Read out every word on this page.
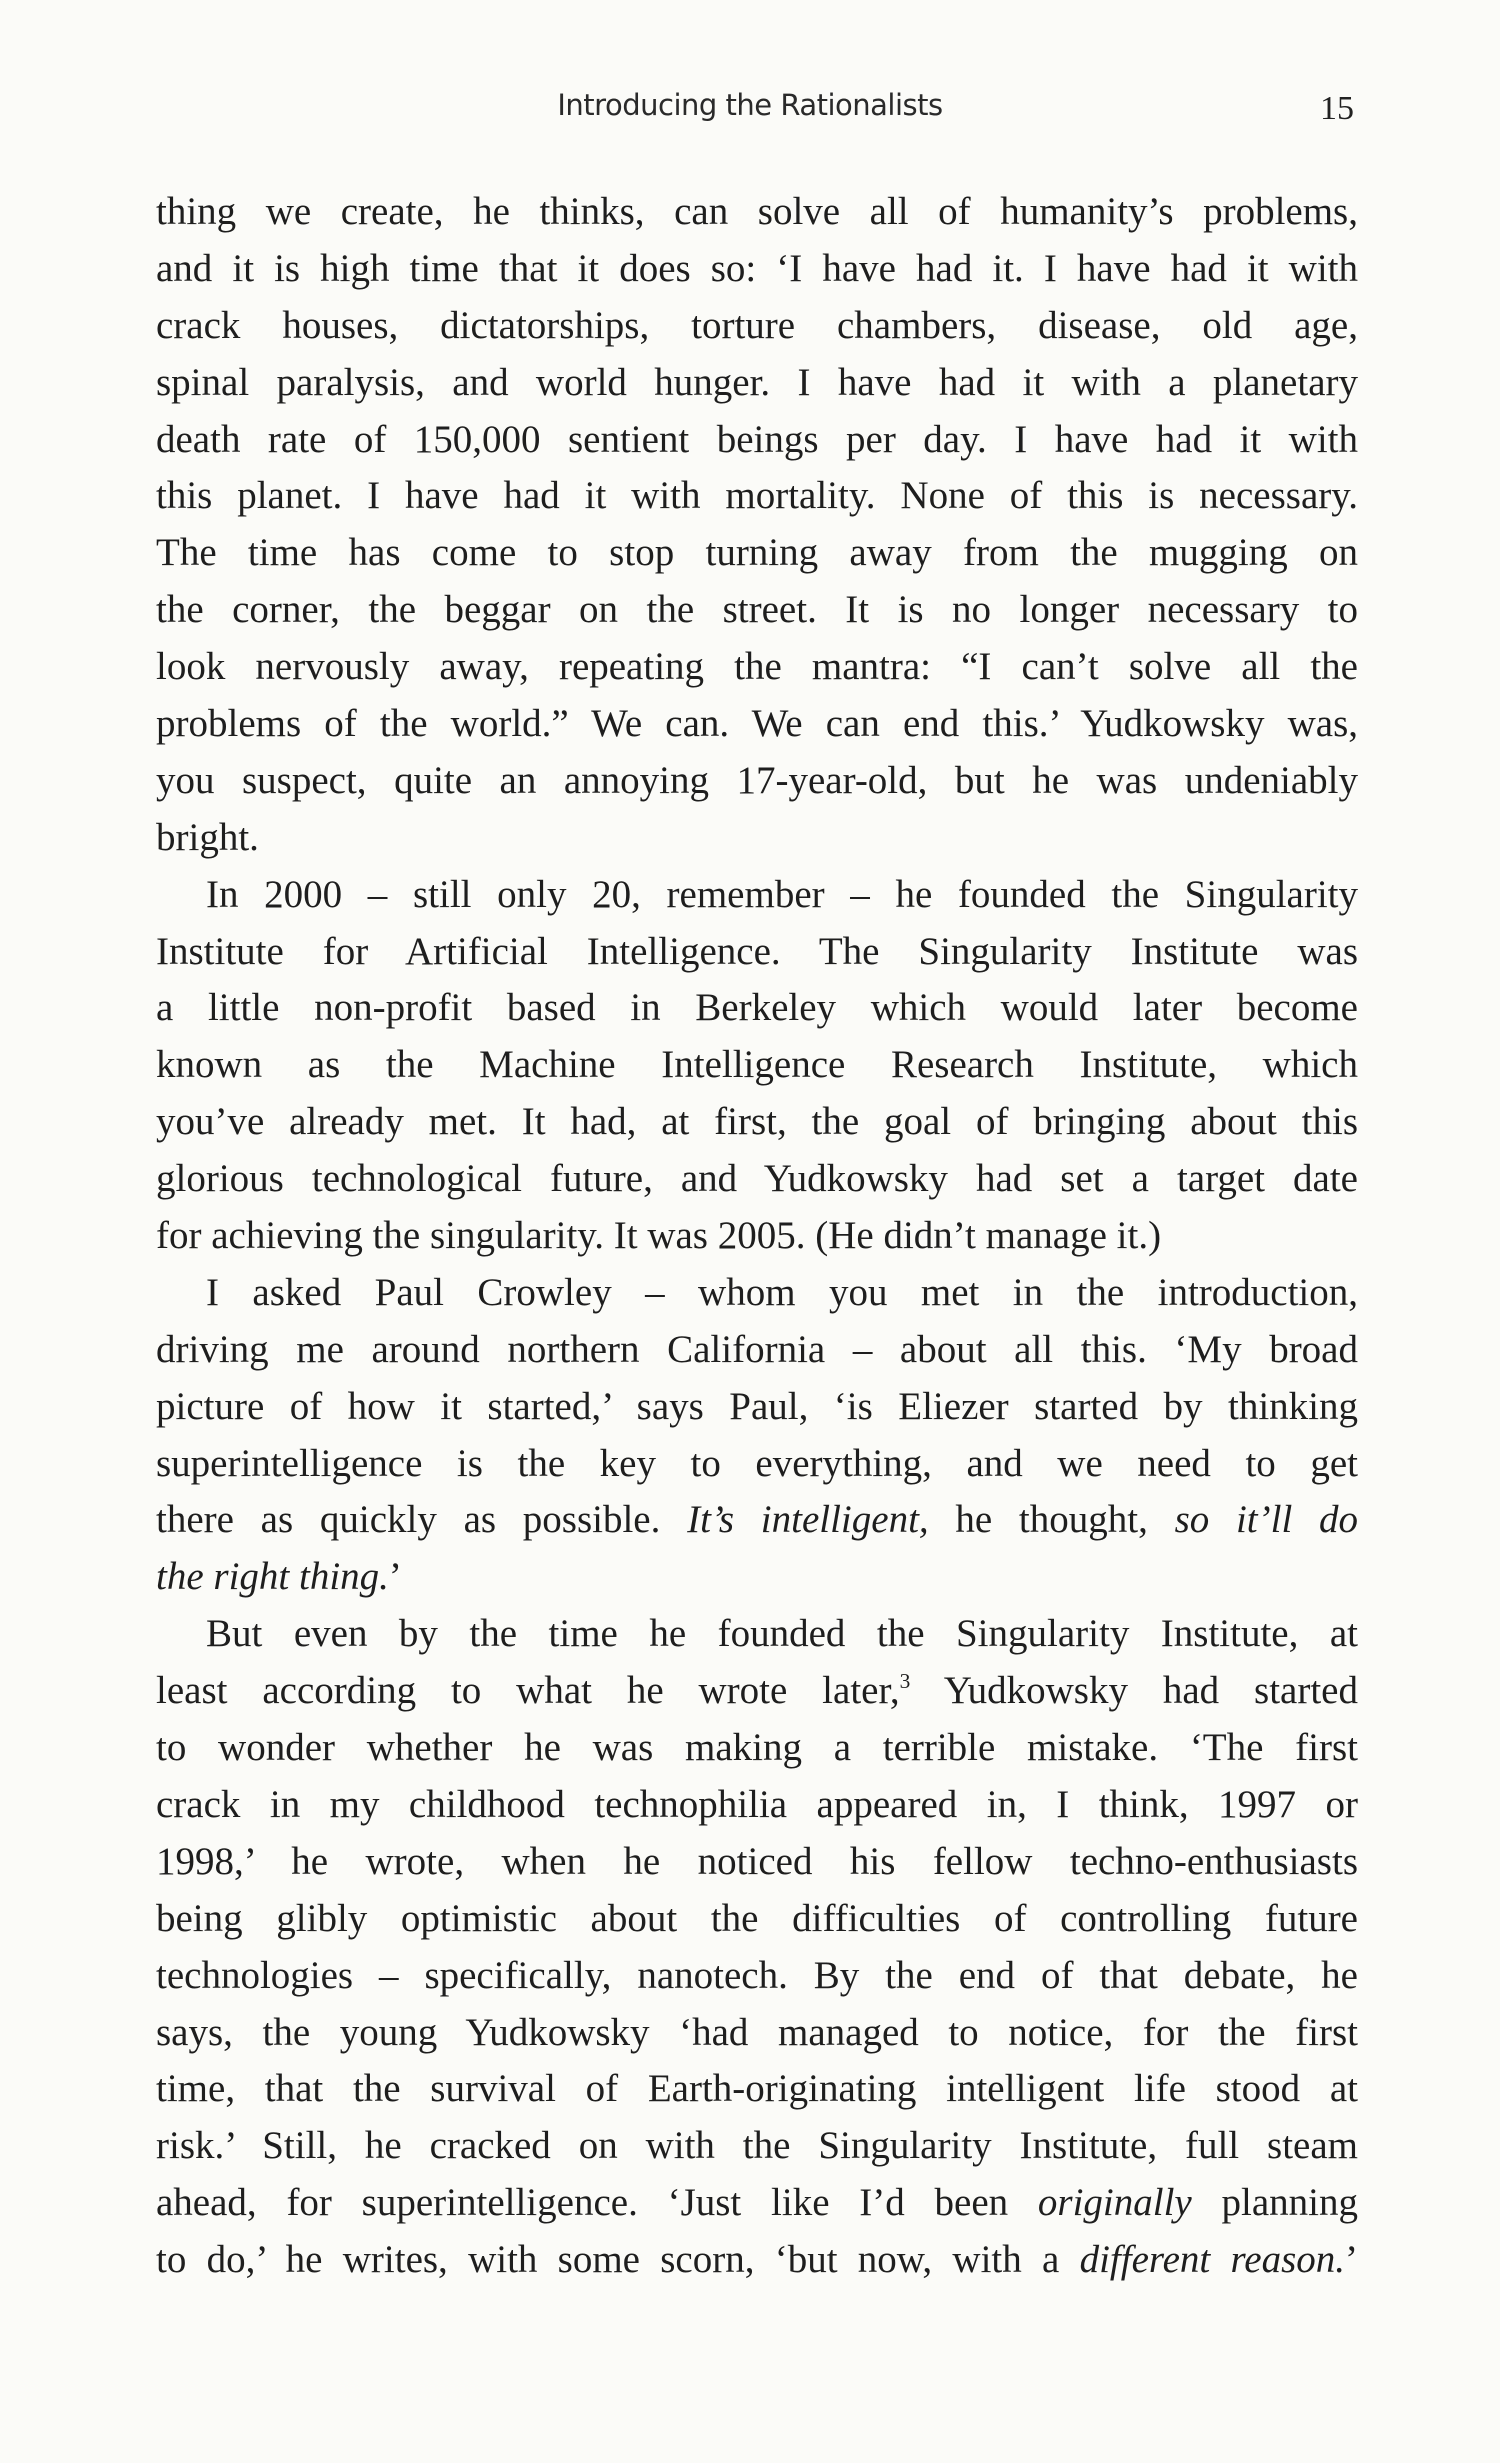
Introducing the Rationalists	15
thing we create, he thinks, can solve all of humanity’s problems,
and it is high time that it does so: ‘I have had it. I have had it with
crack houses, dictatorships, torture chambers, disease, old age,
spinal paralysis, and world hunger. I have had it with a planetary
death rate of 150,000 sentient beings per day. I have had it with
this planet. I have had it with mortality. None of this is necessary.
The time has come to stop turning away from the mugging on
the corner, the beggar on the street. It is no longer necessary to
look nervously away, repeating the mantra: “I can’t solve all the
problems of the world.” We can. We can end this.’ Yudkowsky was,
you suspect, quite an annoying 17-year-old, but he was undeniably
bright.
In 2000 – still only 20, remember – he founded the Singularity
Institute for Artificial Intelligence. The Singularity Institute was
a little non-profit based in Berkeley which would later become
known as the Machine Intelligence Research Institute, which
you’ve already met. It had, at first, the goal of bringing about this
glorious technological future, and Yudkowsky had set a target date
for achieving the singularity. It was 2005. (He didn’t manage it.)
I asked Paul Crowley – whom you met in the introduction,
driving me around northern California – about all this. ‘My broad
picture of how it started,’ says Paul, ‘is Eliezer started by thinking
superintelligence is the key to everything, and we need to get
there as quickly as possible. It’s intelligent, he thought, so it’ll do
the right thing.’
But even by the time he founded the Singularity Institute, at
least according to what he wrote later,$^3$ Yudkowsky had started
to wonder whether he was making a terrible mistake. ‘The first
crack in my childhood technophilia appeared in, I think, 1997 or
1998,’ he wrote, when he noticed his fellow techno-enthusiasts
being glibly optimistic about the difficulties of controlling future
technologies – specifically, nanotech. By the end of that debate, he
says, the young Yudkowsky ‘had managed to notice, for the first
time, that the survival of Earth-originating intelligent life stood at
risk.’ Still, he cracked on with the Singularity Institute, full steam
ahead, for superintelligence. ‘Just like I’d been originally planning
to do,’ he writes, with some scorn, ‘but now, with a different reason.’
